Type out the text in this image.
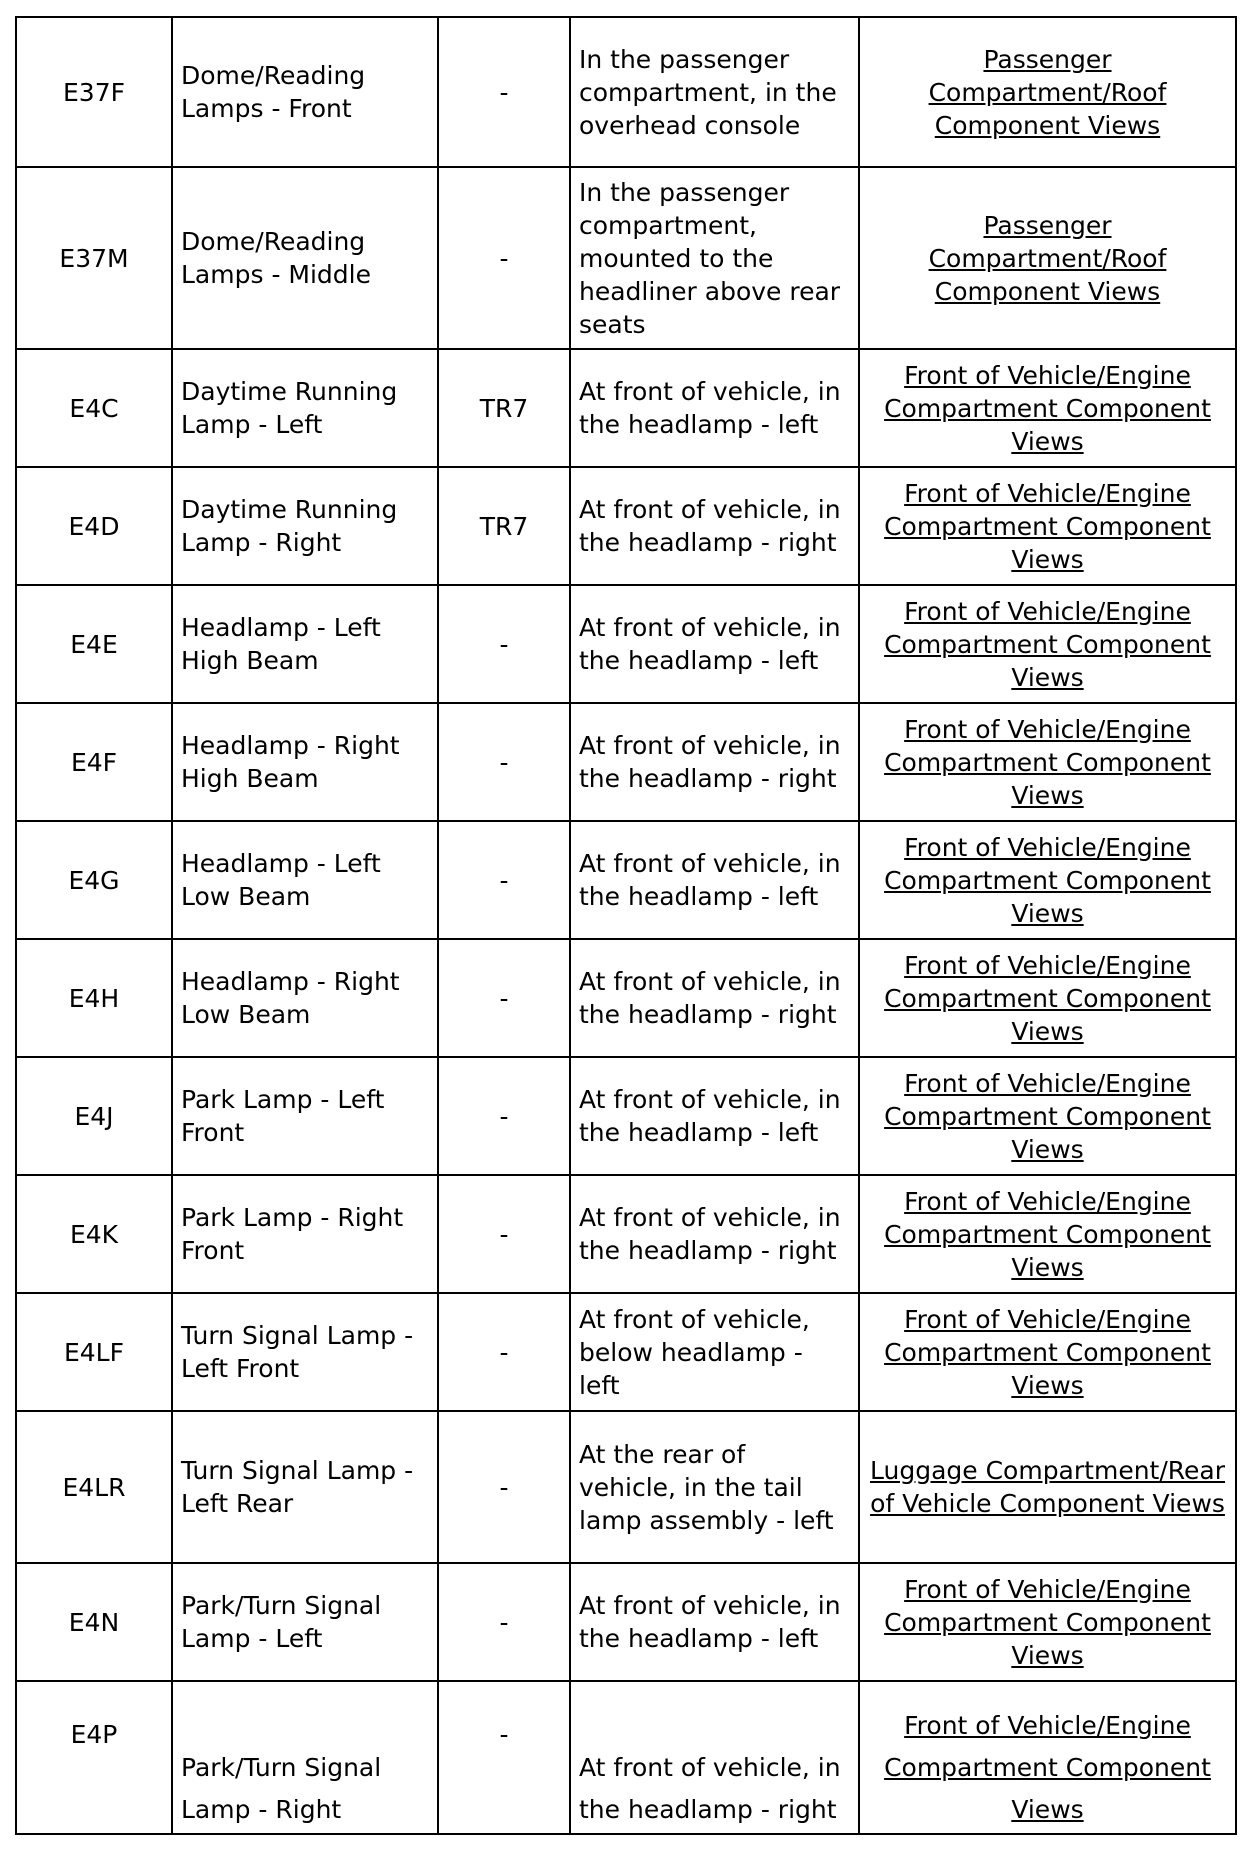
E37F	Dome/Reading Lamps - Front	-	In the passenger compartment, in the overhead console	Passenger Compartment/Roof Component Views
E37M	Dome/Reading Lamps - Middle	-	In the passenger compartment, mounted to the headliner above rear seats	Passenger Compartment/Roof Component Views
E4C	Daytime Running Lamp - Left	TR7	At front of vehicle, in the headlamp - left	Front of Vehicle/Engine Compartment Component Views
E4D	Daytime Running Lamp - Right	TR7	At front of vehicle, in the headlamp - right	Front of Vehicle/Engine Compartment Component Views
E4E	Headlamp - Left High Beam	-	At front of vehicle, in the headlamp - left	Front of Vehicle/Engine Compartment Component Views
E4F	Headlamp - Right High Beam	-	At front of vehicle, in the headlamp - right	Front of Vehicle/Engine Compartment Component Views
E4G	Headlamp - Left Low Beam	-	At front of vehicle, in the headlamp - left	Front of Vehicle/Engine Compartment Component Views
E4H	Headlamp - Right Low Beam	-	At front of vehicle, in the headlamp - right	Front of Vehicle/Engine Compartment Component Views
E4J	Park Lamp - Left Front	-	At front of vehicle, in the headlamp - left	Front of Vehicle/Engine Compartment Component Views
E4K	Park Lamp - Right Front	-	At front of vehicle, in the headlamp - right	Front of Vehicle/Engine Compartment Component Views
E4LF	Turn Signal Lamp - Left Front	-	At front of vehicle, below headlamp - left	Front of Vehicle/Engine Compartment Component Views
E4LR	Turn Signal Lamp - Left Rear	-	At the rear of vehicle, in the tail lamp assembly - left	Luggage Compartment/Rear of Vehicle Component Views
E4N	Park/Turn Signal Lamp - Left	-	At front of vehicle, in the headlamp - left	Front of Vehicle/Engine Compartment Component Views
E4P	Park/Turn Signal Lamp - Right	-	At front of vehicle, in the headlamp - right	Front of Vehicle/Engine Compartment Component Views
